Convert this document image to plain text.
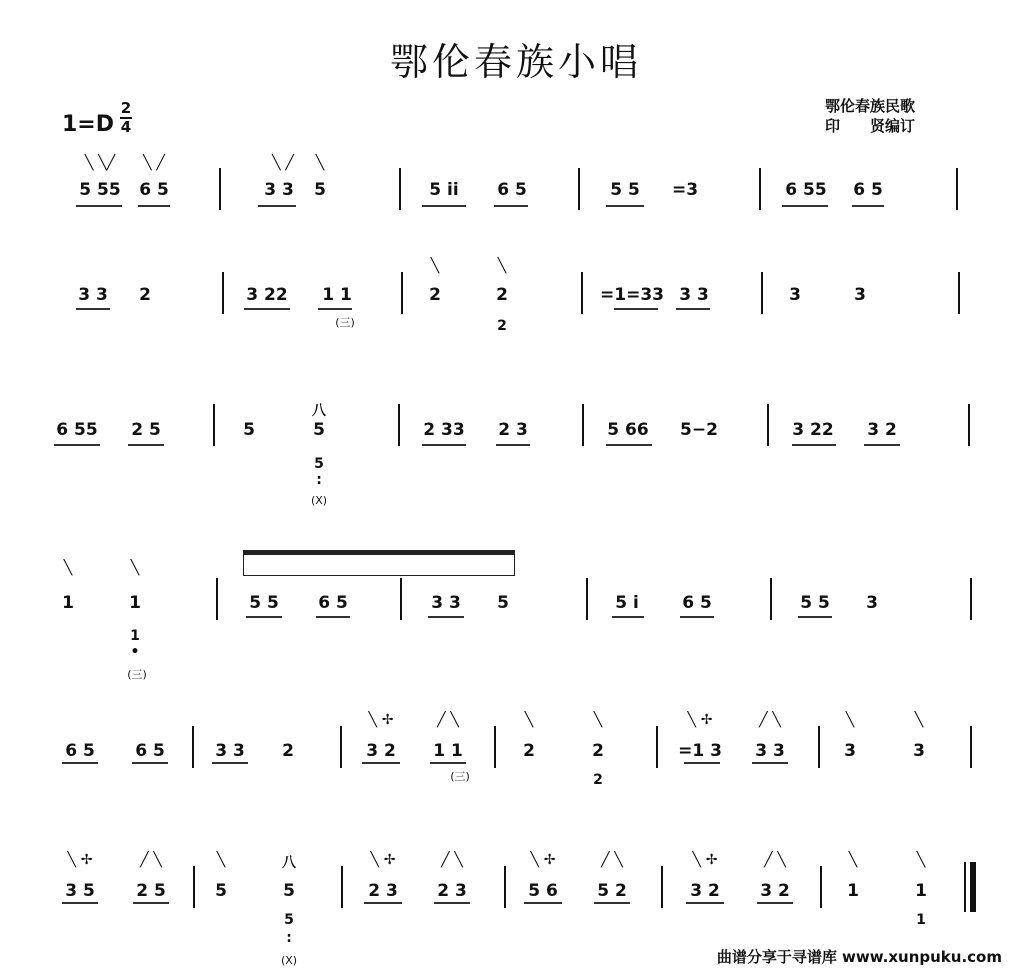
鄂伦春族小唱
1=D
2
4
鄂伦春族民歌
印　　贤编订
5 55 6 5	3 3 5	5 ii 6 5	5 5 =3	6 55 6 5
╲ ╲╱ ╲ ╱	╲ ╱ ╲
3 3 2	3 22 1 1	2	2	=1=33 3 3	3	3
╲	╲
2
(三)
6 55 2 5	5	5	2 33 2 3	5 66 5−2	3 22 3 2
八
5
:
(X)
1	1	5 5 6 5	3 3 5	5 i	6 5	5 5 3
╲	╲
1
•
(三)
6 5 6 5	3 3 2	3 2 1 1	2	2	=1 3 3 3	3	3
╲ ✢	╱ ╲	╲	╲	╲ ✢	╱ ╲	╲	╲
2
(三)
3 5 2 5	5	5	2 3 2 3	5 6 5 2	3 2 3 2	1	1
╲ ✢	╱ ╲	╲	八	╲ ✢	╱ ╲	╲ ✢	╱ ╲	╲ ✢	╱ ╲	╲	╲
5
:
(X)
1
曲谱分享于寻谱库 www.xunpuku.com
